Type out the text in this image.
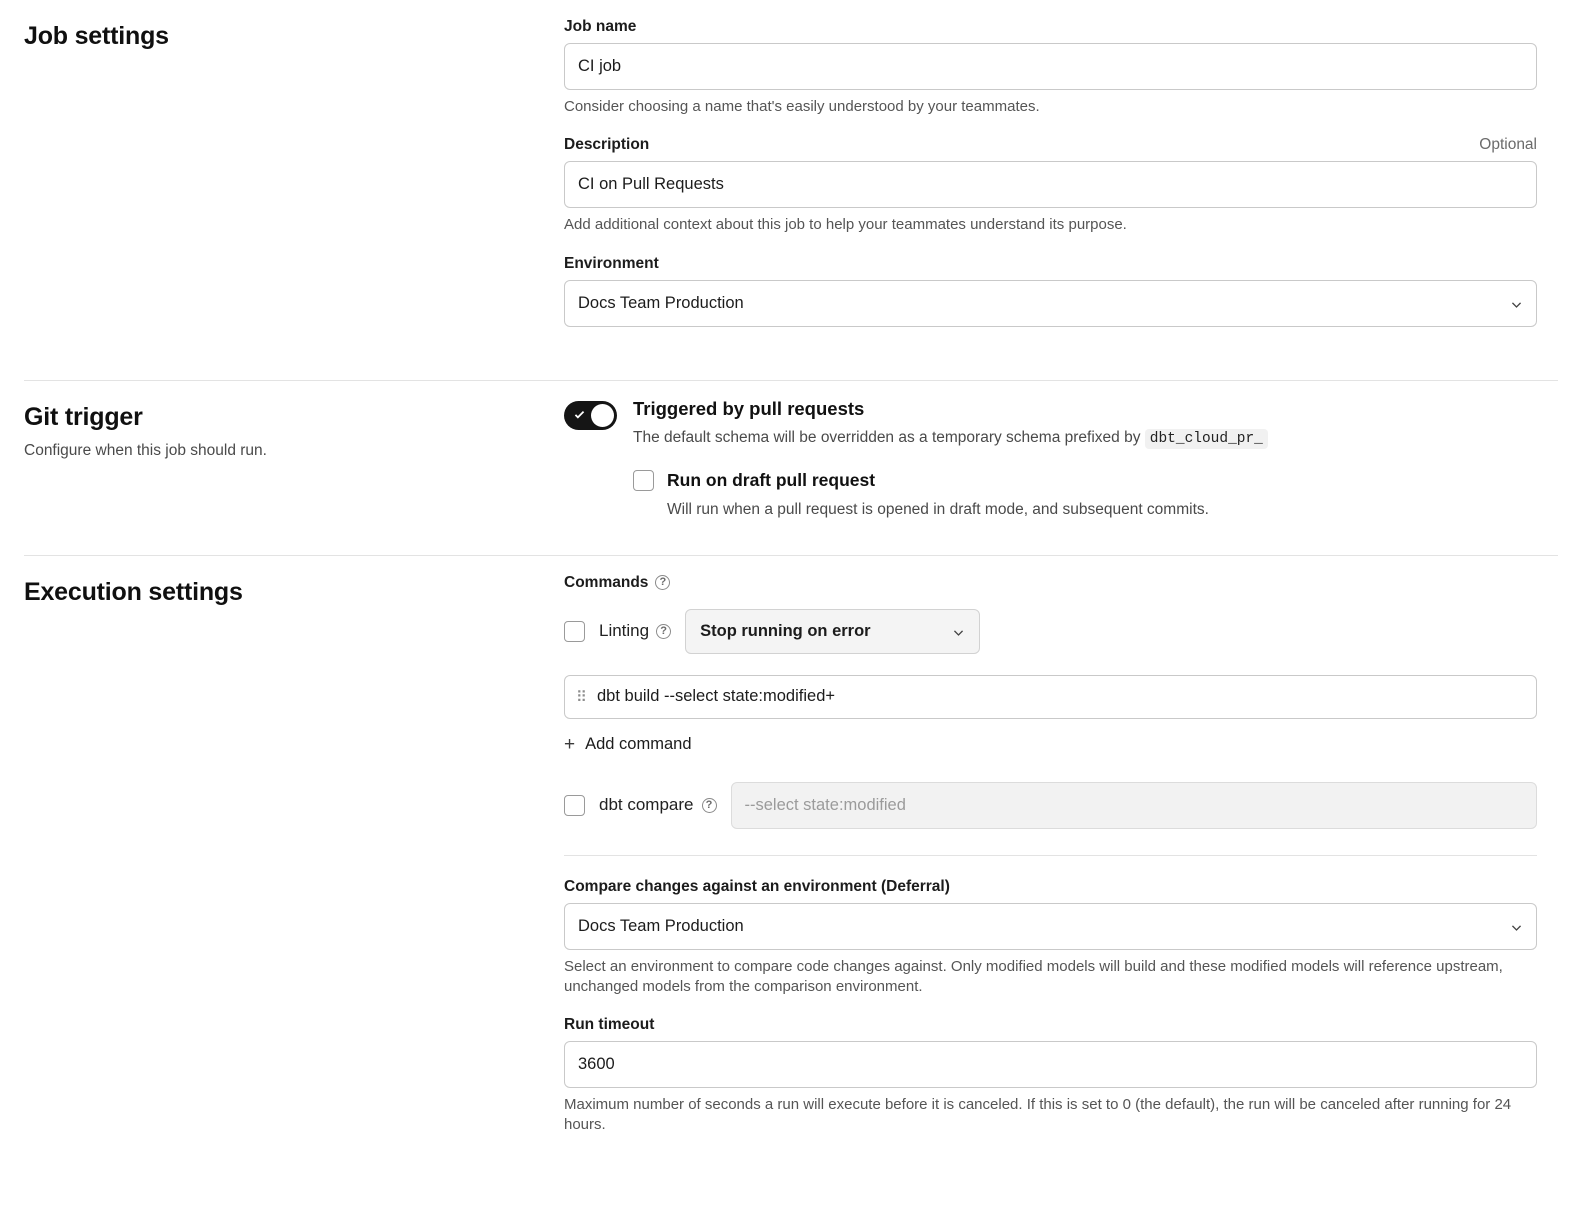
Job settings	Job name
CI job
Consider choosing a name that's easily understood by your teammates.
Description	Optional
CI on Pull Requests
Add additional context about this job to help your teammates understand its purpose.
Environment
Docs Team Production
Git trigger
Configure when this job should run.
Triggered by pull requests
The default schema will be overridden as a temporary schema prefixed by dbt_cloud_pr_
Run on draft pull request
Will run when a pull request is opened in draft mode, and subsequent commits.
Execution settings	Commands	?
Linting	? Stop running on error
⠿ dbt build --select state:modified+
+ Add command
dbt compare	?	--select state:modified
Compare changes against an environment (Deferral)
Docs Team Production
Select an environment to compare code changes against. Only modified models will build and these modified models will reference upstream, unchanged models from the comparison environment.
Run timeout
3600
Maximum number of seconds a run will execute before it is canceled. If this is set to 0 (the default), the run will be canceled after running for 24 hours.
